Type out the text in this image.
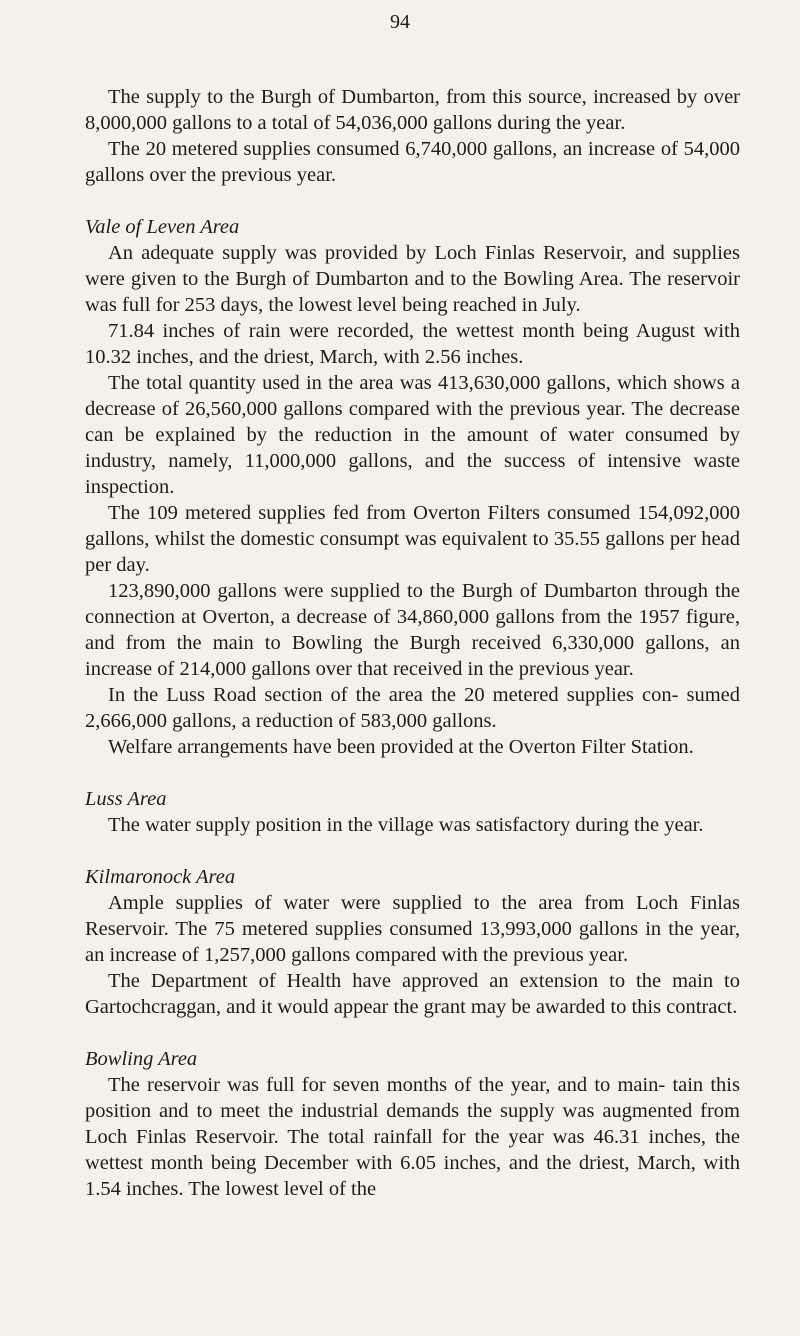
94

The supply to the Burgh of Dumbarton, from this source, increased by over 8,000,000 gallons to a total of 54,036,000 gallons during the year.

The 20 metered supplies consumed 6,740,000 gallons, an increase of 54,000 gallons over the previous year.

Vale of Leven Area

An adequate supply was provided by Loch Finlas Reservoir, and supplies were given to the Burgh of Dumbarton and to the Bowling Area. The reservoir was full for 253 days, the lowest level being reached in July.

71.84 inches of rain were recorded, the wettest month being August with 10.32 inches, and the driest, March, with 2.56 inches.

The total quantity used in the area was 413,630,000 gallons, which shows a decrease of 26,560,000 gallons compared with the previous year. The decrease can be explained by the reduction in the amount of water consumed by industry, namely, 11,000,000 gallons, and the success of intensive waste inspection.

The 109 metered supplies fed from Overton Filters consumed 154,092,000 gallons, whilst the domestic consumpt was equivalent to 35.55 gallons per head per day.

123,890,000 gallons were supplied to the Burgh of Dumbarton through the connection at Overton, a decrease of 34,860,000 gallons from the 1957 figure, and from the main to Bowling the Burgh received 6,330,000 gallons, an increase of 214,000 gallons over that received in the previous year.

In the Luss Road section of the area the 20 metered supplies con- sumed 2,666,000 gallons, a reduction of 583,000 gallons.

Welfare arrangements have been provided at the Overton Filter Station.

Luss Area

The water supply position in the village was satisfactory during the year.

Kilmaronock Area

Ample supplies of water were supplied to the area from Loch Finlas Reservoir. The 75 metered supplies consumed 13,993,000 gallons in the year, an increase of 1,257,000 gallons compared with the previous year.

The Department of Health have approved an extension to the main to Gartochcraggan, and it would appear the grant may be awarded to this contract.

Bowling Area

The reservoir was full for seven months of the year, and to main- tain this position and to meet the industrial demands the supply was augmented from Loch Finlas Reservoir. The total rainfall for the year was 46.31 inches, the wettest month being December with 6.05 inches, and the driest, March, with 1.54 inches. The lowest level of the
